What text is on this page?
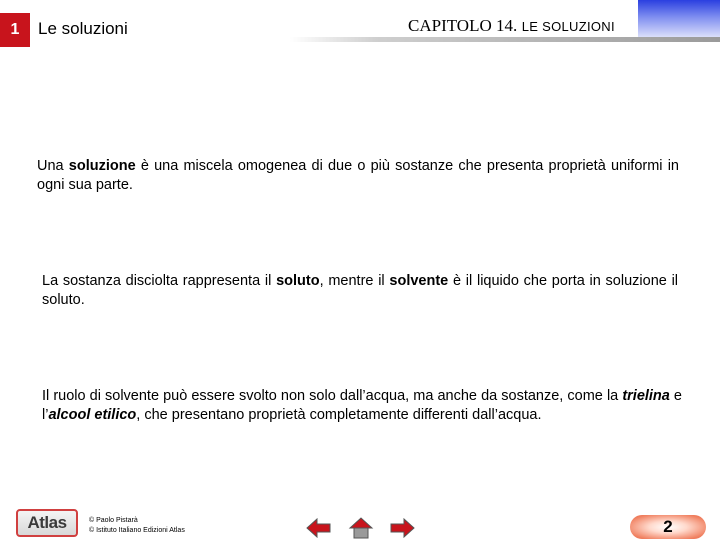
1	Le soluzioni	CAPITOLO 14. LE SOLUZIONI

Una soluzione è una miscela omogenea di due o più sostanze che presenta proprietà uniformi in ogni sua parte.

La sostanza disciolta rappresenta il soluto, mentre il solvente è il liquido che porta in soluzione il soluto.

Il ruolo di solvente può essere svolto non solo dall’acqua, ma anche da sostanze, come la trielina e l’alcool etilico, che presentano proprietà completamente differenti dall’acqua.

Atlas	© Paolo Pistarà
© Istituto Italiano Edizioni Atlas	2
